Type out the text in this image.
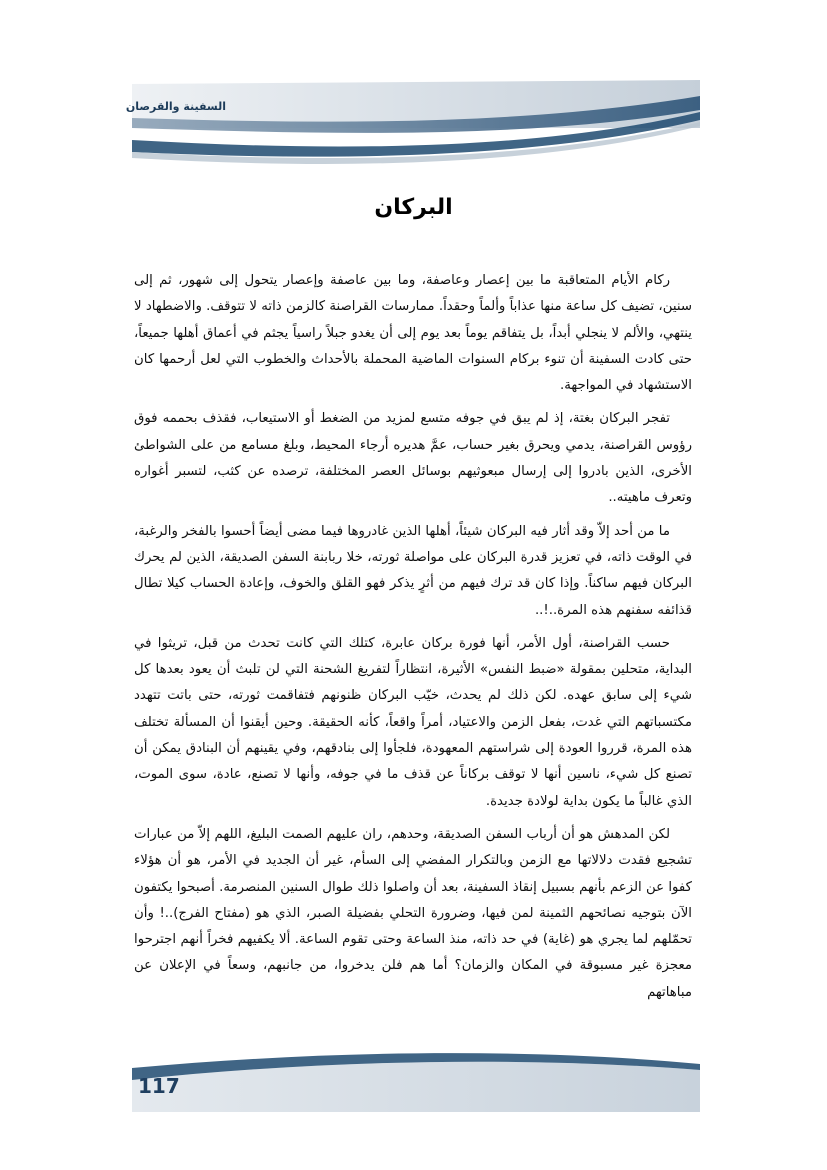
السفينة والقرصان
البركان

ركام الأيام المتعاقبة ما بين إعصار وعاصفة، وما بين عاصفة وإعصار يتحول إلى شهور، ثم إلى سنين، تضيف كل ساعة منها عذاباً وألماً وحقداً. ممارسات القراصنة كالزمن ذاته لا تتوقف. والاضطهاد لا ينتهي، والألم لا ينجلي أبداً، بل يتفاقم يوماً بعد يوم إلى أن يغدو جبلاً راسياً يجثم في أعماق أهلها جميعاً، حتى كادت السفينة أن تنوء بركام السنوات الماضية المحملة بالأحداث والخطوب التي لعل أرحمها كان الاستشهاد في المواجهة.

تفجر البركان بغتة، إذ لم يبق في جوفه متسع لمزيد من الضغط أو الاستيعاب، فقذف بحممه فوق رؤوس القراصنة، يدمي ويحرق بغير حساب، عمَّ هديره أرجاء المحيط، وبلغ مسامع من على الشواطئ الأخرى، الذين بادروا إلى إرسال مبعوثيهم بوسائل العصر المختلفة، ترصده عن كثب، لتسبر أغواره وتعرف ماهيته..

ما من أحد إلاّ وقد أثار فيه البركان شيئاً، أهلها الذين غادروها فيما مضى أيضاً أحسوا بالفخر والرغبة، في الوقت ذاته، في تعزيز قدرة البركان على مواصلة ثورته، خلا ربابنة السفن الصديقة، الذين لم يحرك البركان فيهم ساكناً. وإذا كان قد ترك فيهم من أثرٍ يذكر فهو القلق والخوف، وإعادة الحساب كيلا تطال قذائفه سفنهم هذه المرة..!..

حسب القراصنة، أول الأمر، أنها فورة بركان عابرة، كتلك التي كانت تحدث من قبل، تريثوا في البداية، متحلين بمقولة «ضبط النفس» الأثيرة، انتظاراً لتفريغ الشحنة التي لن تلبث أن يعود بعدها كل شيء إلى سابق عهده. لكن ذلك لم يحدث، خيّب البركان ظنونهم فتفاقمت ثورته، حتى باتت تتهدد مكتسباتهم التي غدت، بفعل الزمن والاعتياد، أمراً واقعاً، كأنه الحقيقة. وحين أيقنوا أن المسألة تختلف هذه المرة، قرروا العودة إلى شراستهم المعهودة، فلجأوا إلى بنادقهم، وفي يقينهم أن البنادق يمكن أن تصنع كل شيء، ناسين أنها لا توقف بركاناً عن قذف ما في جوفه، وأنها لا تصنع، عادة، سوى الموت، الذي غالباً ما يكون بداية لولادة جديدة.

لكن المدهش هو أن أرباب السفن الصديقة، وحدهم، ران عليهم الصمت البليغ، اللهم إلاّ من عبارات تشجيع فقدت دلالاتها مع الزمن وبالتكرار المفضي إلى السأم، غير أن الجديد في الأمر، هو أن هؤلاء كفوا عن الزعم بأنهم بسبيل إنقاذ السفينة، بعد أن واصلوا ذلك طوال السنين المنصرمة. أصبحوا يكتفون الآن بتوجيه نصائحهم الثمينة لمن فيها، وضرورة التحلي بفضيلة الصبر، الذي هو (مفتاح الفرج)..! وأن تحمّلهم لما يجري هو (غاية) في حد ذاته، منذ الساعة وحتى تقوم الساعة. ألا يكفيهم فخراً أنهم اجترحوا معجزة غير مسبوقة في المكان والزمان؟ أما هم فلن يدخروا، من جانبهم، وسعاً في الإعلان عن مباهاتهم

117
